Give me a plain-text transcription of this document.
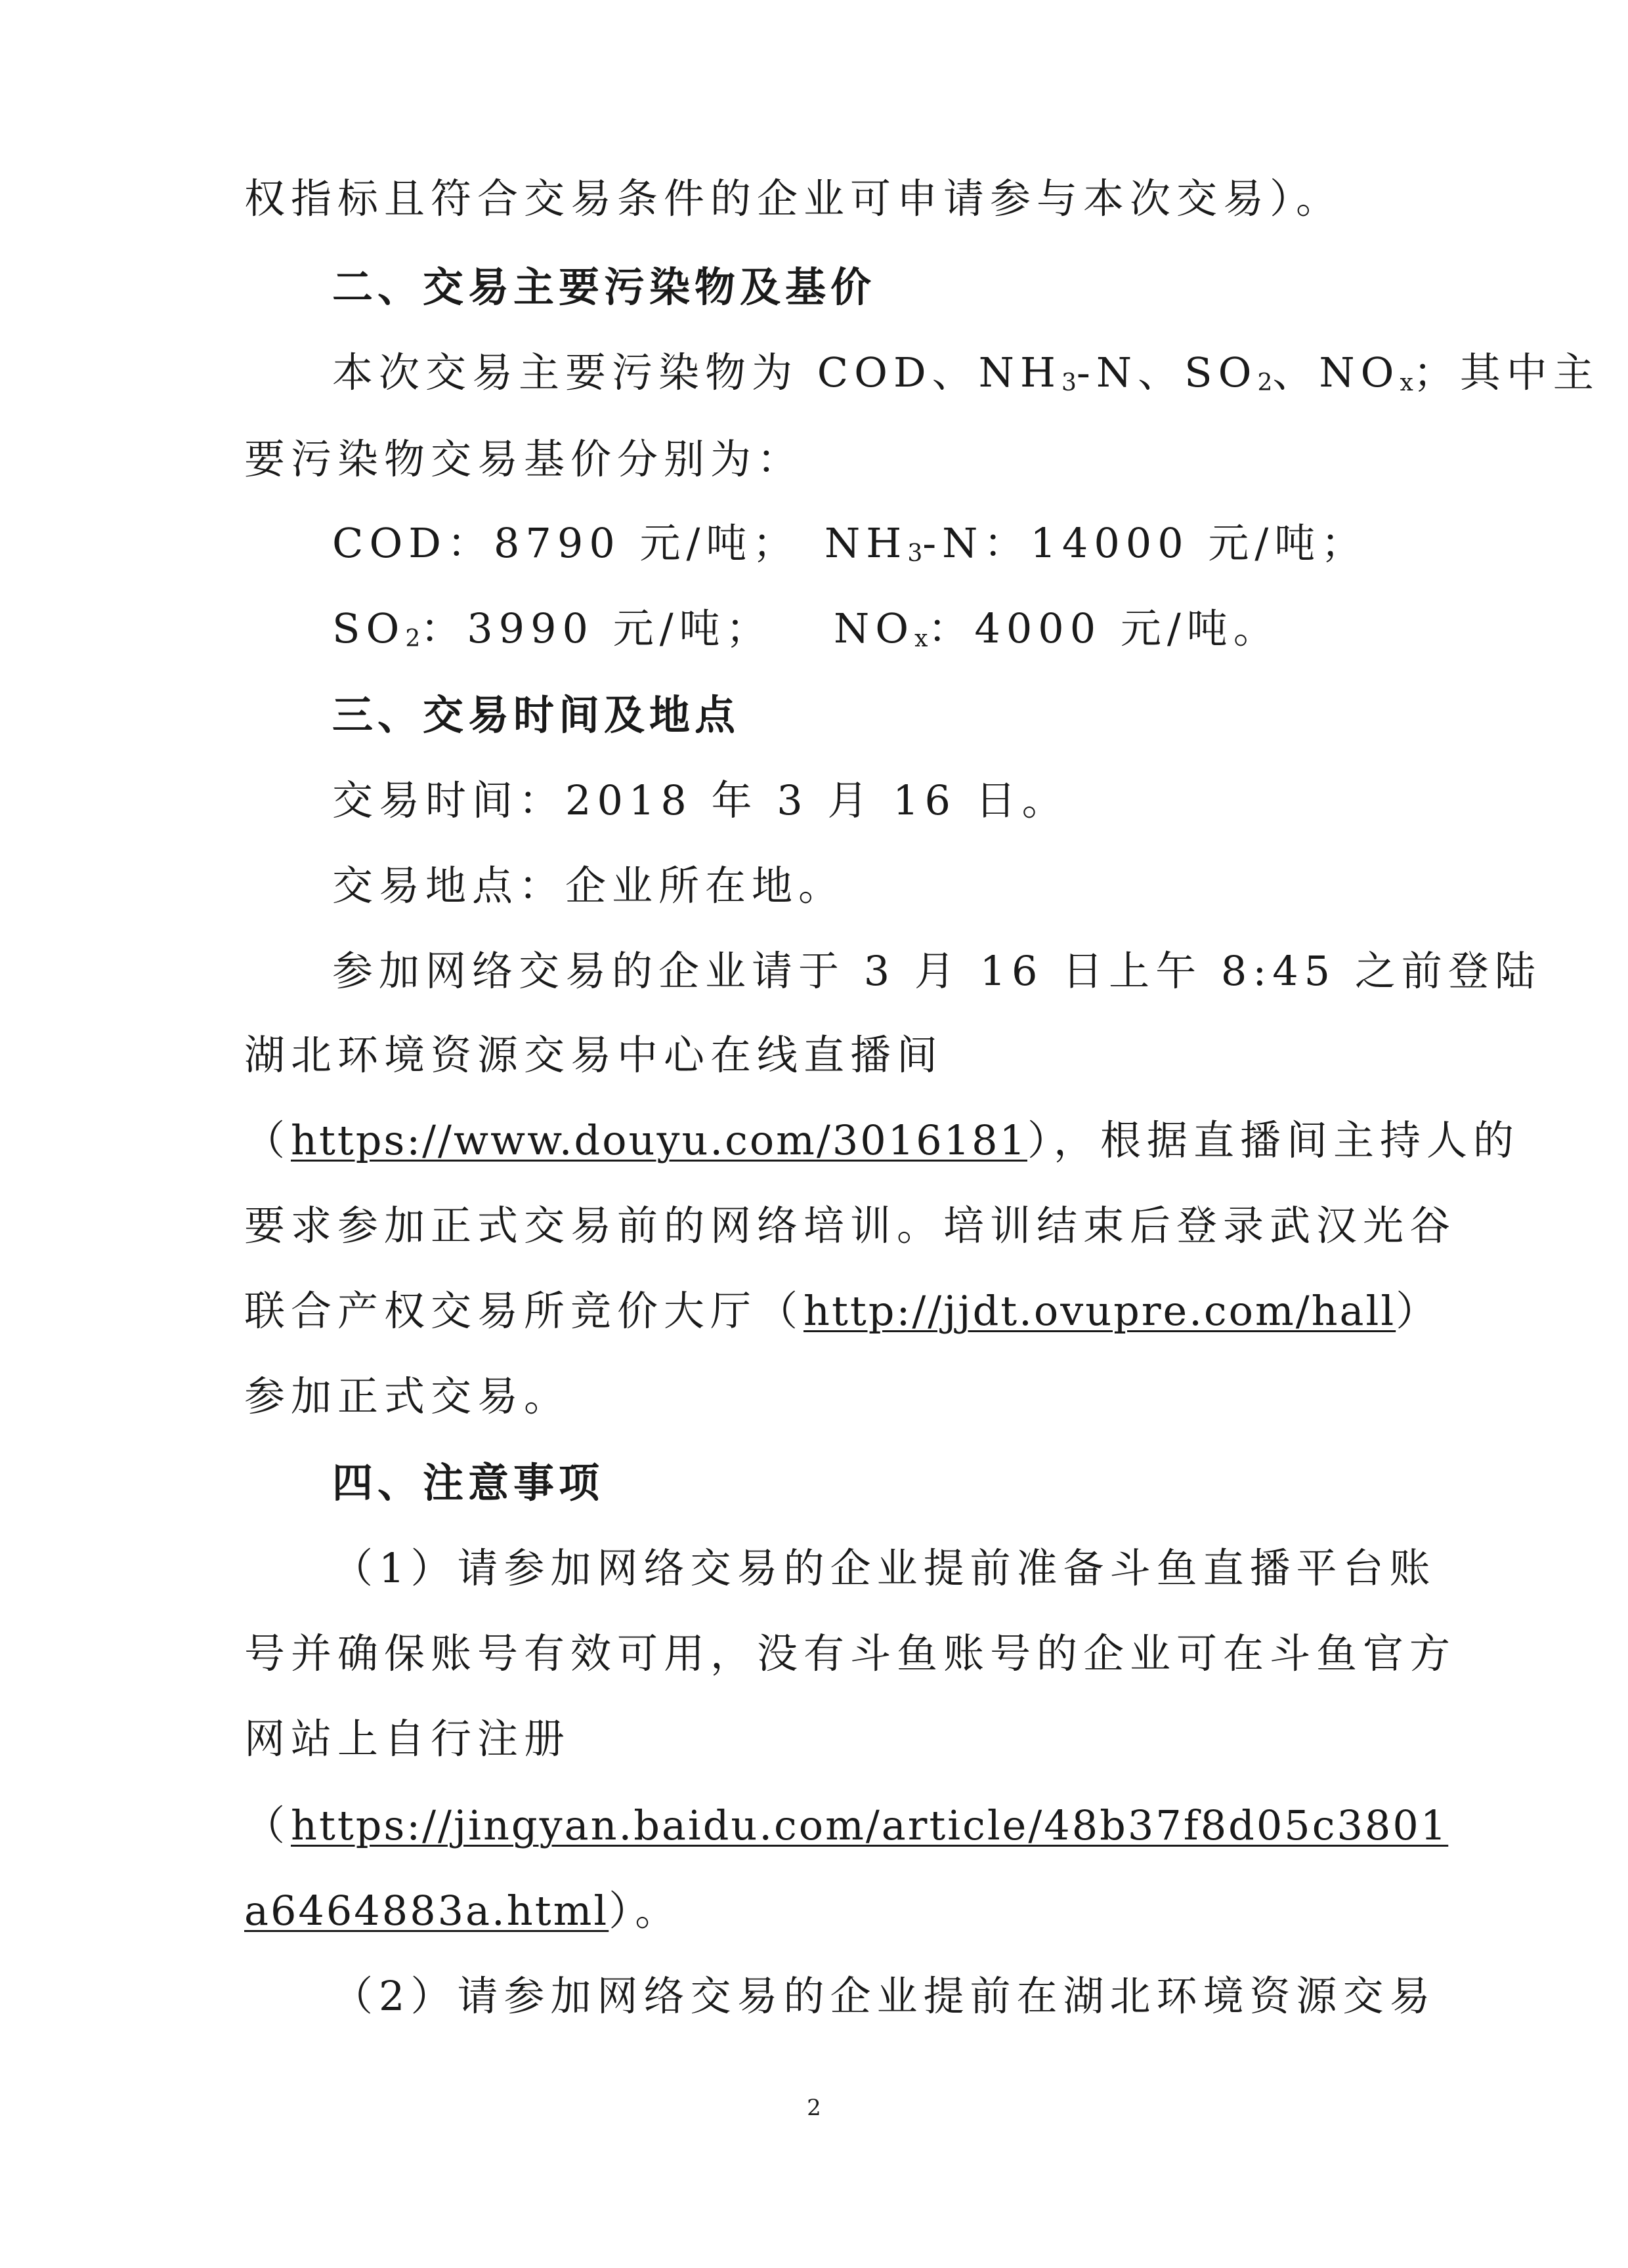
权指标且符合交易条件的企业可申请参与本次交易）。
二、交易主要污染物及基价
本次交易主要污染物为 COD、$NH_3-N$、$SO_2$、$NO_x$；其中主
要污染物交易基价分别为：
COD：8790 元/吨； $NH_3-N$：14000 元/吨；
$SO_2$：3990 元/吨； $NO_x$：4000 元/吨。
三、交易时间及地点
交易时间：2018 年 3 月 16 日。
交易地点：企业所在地。
参加网络交易的企业请于 3 月 16 日上午 8:45 之前登陆
湖北环境资源交易中心在线直播间
（https://www.douyu.com/3016181），根据直播间主持人的
要求参加正式交易前的网络培训。培训结束后登录武汉光谷
联合产权交易所竞价大厅（http://jjdt.ovupre.com/hall）
参加正式交易。
四、注意事项
（1）请参加网络交易的企业提前准备斗鱼直播平台账
号并确保账号有效可用，没有斗鱼账号的企业可在斗鱼官方
网站上自行注册
（https://jingyan.baidu.com/article/48b37f8d05c3801
a6464883a.html）。
（2）请参加网络交易的企业提前在湖北环境资源交易
2
